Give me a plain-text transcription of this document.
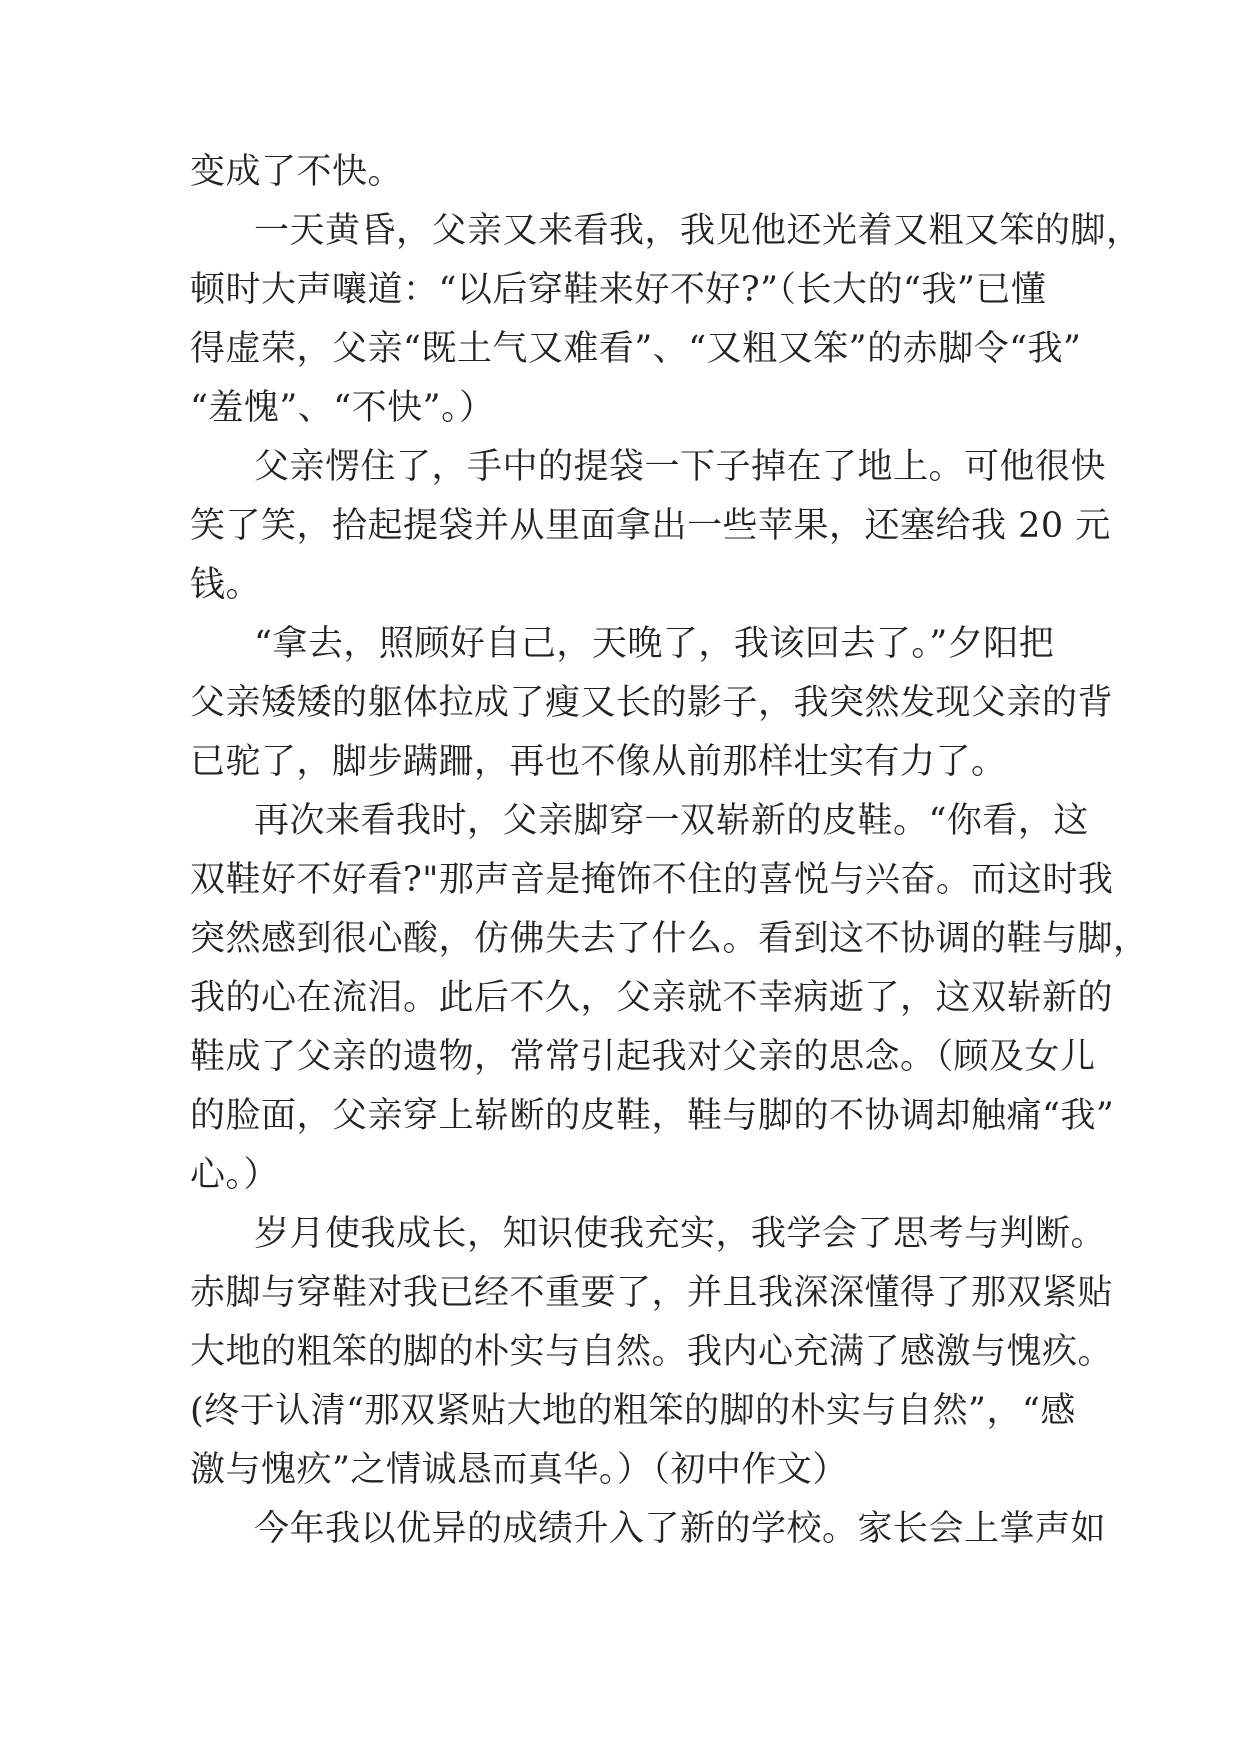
变成了不快。
一天黄昏，父亲又来看我，我见他还光着又粗又笨的脚，
顿时大声嚷道：“以后穿鞋来好不好?”（长大的“我”已懂
得虚荣，父亲“既土气又难看”、“又粗又笨”的赤脚令“我”
“羞愧”、“不快”。）
父亲愣住了，手中的提袋一下子掉在了地上。可他很快
笑了笑，拾起提袋并从里面拿出一些苹果，还塞给我 20 元
钱。
“拿去，照顾好自己，天晚了，我该回去了。”夕阳把
父亲矮矮的躯体拉成了瘦又长的影子，我突然发现父亲的背
已驼了，脚步蹒跚，再也不像从前那样壮实有力了。
再次来看我时，父亲脚穿一双崭新的皮鞋。“你看，这
双鞋好不好看?"那声音是掩饰不住的喜悦与兴奋。而这时我
突然感到很心酸，仿佛失去了什么。看到这不协调的鞋与脚，
我的心在流泪。此后不久，父亲就不幸病逝了，这双崭新的
鞋成了父亲的遗物，常常引起我对父亲的思念。（顾及女儿
的脸面，父亲穿上崭断的皮鞋，鞋与脚的不协调却触痛“我”
心。）
岁月使我成长，知识使我充实，我学会了思考与判断。
赤脚与穿鞋对我已经不重要了，并且我深深懂得了那双紧贴
大地的粗笨的脚的朴实与自然。我内心充满了感激与愧疚。
(终于认清“那双紧贴大地的粗笨的脚的朴实与自然”，“感
激与愧疚”之情诚恳而真华。）（初中作文）
今年我以优异的成绩升入了新的学校。家长会上掌声如
